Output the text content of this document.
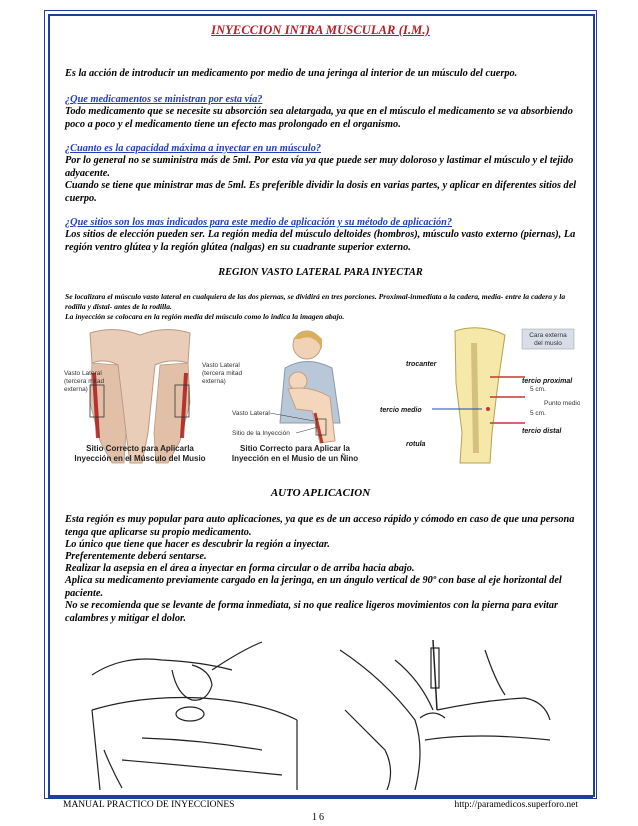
INYECCION INTRA MUSCULAR (I.M.)
Es la acción de introducir un medicamento por medio de una jeringa al interior de un músculo del cuerpo.
¿Que medicamentos se ministran por esta vía?
Todo medicamento que se necesite su absorción sea aletargada, ya que en el músculo el medicamento se va absorbiendo poco a poco y el medicamento tiene un efecto mas prolongado en el organismo.
¿Cuanto es la capacidad máxima a inyectar en un músculo?
Por lo general no se suministra más de 5ml. Por esta vía ya que puede ser muy doloroso y lastimar el músculo y el tejido adyacente.
Cuando se tiene que ministrar mas de 5ml. Es preferible dividir la dosis en varias partes, y aplicar en diferentes sitios del cuerpo.
¿Que sitios son los mas indicados para este medio de aplicación y su método de aplicación?
Los sitios de elección pueden ser. La región media del músculo deltoides (hombros), músculo vasto externo (piernas), La región ventro glútea y la región glútea (nalgas) en su cuadrante superior externo.
REGION VASTO LATERAL PARA INYECTAR
Se localizara el músculo vasto lateral en cualquiera de las dos piernas, se dividirá en tres porciones. Proximal-inmediata a la cadera, media- entre la cadera y la rodilla y distal- antes de la rodilla.
La inyección se colocara en la región media del músculo como lo indica la imagen abajo.
Vasto Lateral
(tercera mitad
externa)
Vasto Lateral
(tercera mitad
externa)
Sitio Correcto para Aplicarla
Inyección en el Músculo del Musio
Vasto Lateral
Sitio de la Inyección
Sitio Correcto para Aplicar la
Inyección en el Musio de un Ñino
trocanter
tercio proximal
tercio medio
tercio distal
rotula
Cara externa
del muslo
5 cm.
5 cm.
Punto medio
AUTO APLICACION
Esta región es muy popular para auto aplicaciones, ya que es de un acceso rápido y cómodo en caso de que una persona tenga que aplicarse su propio medicamento.
Lo único que tiene que hacer es descubrir la región a inyectar.
Preferentemente deberá sentarse.
Realizar la asepsia en el área a inyectar en forma circular o de arriba hacia abajo.
Aplica su medicamento previamente cargado en la jeringa, en un ángulo vertical de 90º con base al eje horizontal del paciente.
No se recomienda que se levante de forma inmediata, si no que realice ligeros movimientos con la pierna para evitar calambres y mitigar el dolor.
MANUAL PRACTICO DE INYECCIONES	http://paramedicos.superforo.net
16
